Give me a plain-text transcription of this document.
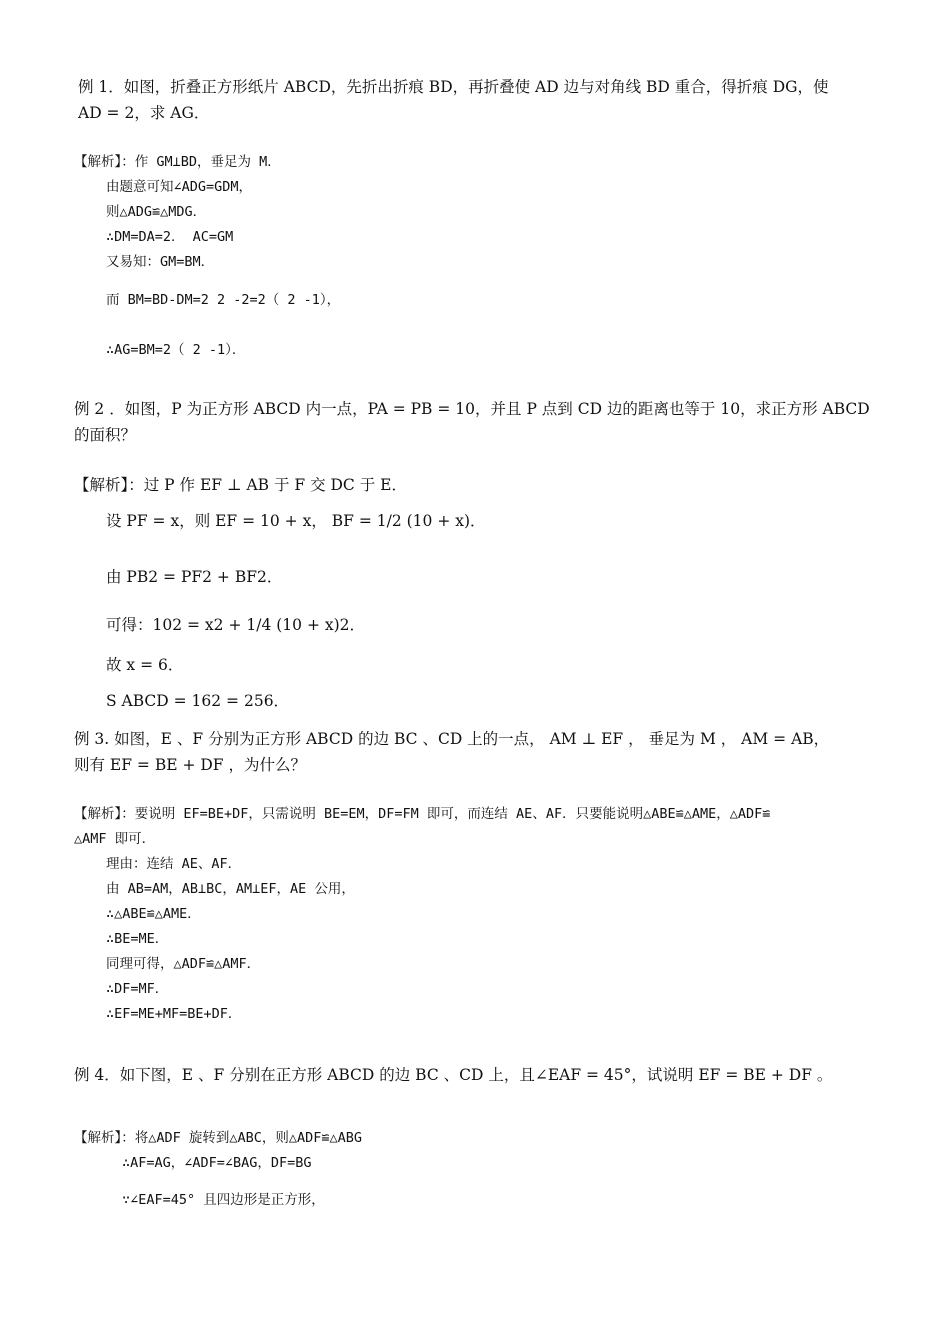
例 1．如图，折叠正方形纸片 ABCD，先折出折痕 BD，再折叠使 AD 边与对角线 BD 重合，得折痕 DG，使
AD = 2，求 AG．
【解析】：作 GM⊥BD，垂足为 M．
由题意可知∠ADG=GDM，
则△ADG≌△MDG．
∴DM=DA=2． AC=GM
又易知：GM=BM．
而 BM=BD-DM=2 2 -2=2（ 2 -1），
∴AG=BM=2（ 2 -1）．
例 2 ．如图，P 为正方形 ABCD 内一点，PA = PB = 10，并且 P 点到 CD 边的距离也等于 10，求正方形 ABCD
的面积？
【解析】：过 P 作 EF ⊥ AB 于 F 交 DC 于 E．
设 PF = x，则 EF = 10 + x， BF = 1/2 (10 + x)．
由 PB2 = PF2 + BF2．
可得：102 = x2 + 1/4 (10 + x)2．
故 x = 6．
S ABCD = 162 = 256．
例 3. 如图，E 、F 分别为正方形 ABCD 的边 BC 、CD 上的一点， AM ⊥ EF ， 垂足为 M ， AM = AB，
则有 EF = BE + DF ，为什么？
【解析】：要说明 EF=BE+DF，只需说明 BE=EM，DF=FM 即可，而连结 AE、AF．只要能说明△ABE≌△AME，△ADF≌
△AMF 即可．
理由：连结 AE、AF．
由 AB=AM，AB⊥BC，AM⊥EF，AE 公用，
∴△ABE≌△AME．
∴BE=ME．
同理可得，△ADF≌△AMF．
∴DF=MF．
∴EF=ME+MF=BE+DF．
例 4．如下图，E 、F 分别在正方形 ABCD 的边 BC 、CD 上，且∠EAF = 45°，试说明 EF = BE + DF 。
【解析】：将△ADF 旋转到△ABC，则△ADF≌△ABG
∴AF=AG，∠ADF=∠BAG，DF=BG
∵∠EAF=45° 且四边形是正方形，
